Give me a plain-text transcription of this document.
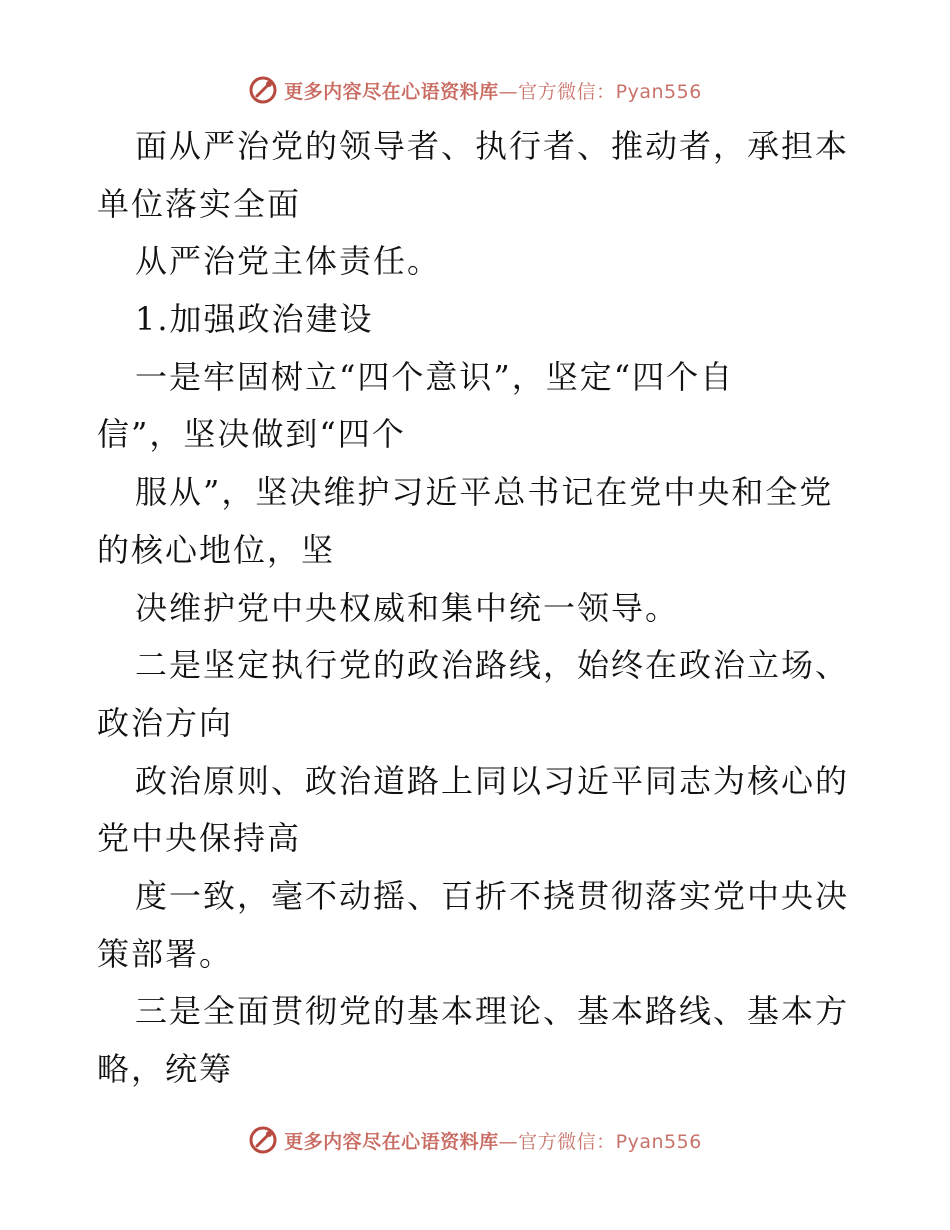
更多内容尽在心语资料库—官方微信：Pyan556
面从严治党的领导者、执行者、推动者，承担本
单位落实全面
从严治党主体责任。
1.加强政治建设
一是牢固树立“四个意识”，坚定“四个自
信”，坚决做到“四个
服从”，坚决维护习近平总书记在党中央和全党
的核心地位，坚
决维护党中央权威和集中统一领导。
二是坚定执行党的政治路线，始终在政治立场、
政治方向
政治原则、政治道路上同以习近平同志为核心的
党中央保持高
度一致，毫不动摇、百折不挠贯彻落实党中央决
策部署。
三是全面贯彻党的基本理论、基本路线、基本方
略，统筹
更多内容尽在心语资料库—官方微信：Pyan556
